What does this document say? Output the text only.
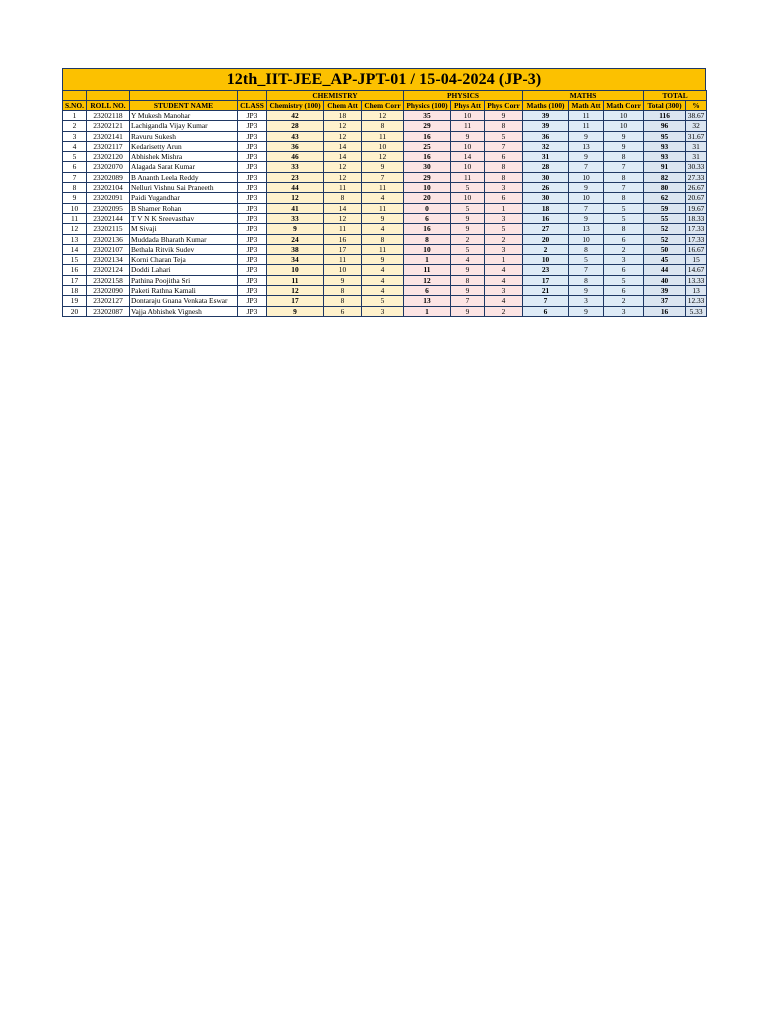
12th_IIT-JEE_AP-JPT-01 / 15-04-2024 (JP-3)
				CHEMISTRY			PHYSICS			MATHS			TOTAL	
S.NO.	ROLL NO.	STUDENT NAME	CLASS	Chemistry (100)	Chem Att	Chem Corr	Physics (100)	Phys Att	Phys Corr	Maths (100)	Math Att	Math Corr	Total (300)	%
1	23202118	Y Mukesh Manohar	JP3	42	18	12	35	10	9	39	11	10	116	38.67
2	23202121	Lachigandla Vijay Kumar	JP3	28	12	8	29	11	8	39	11	10	96	32
3	23202141	Ravuru Sukesh	JP3	43	12	11	16	9	5	36	9	9	95	31.67
4	23202117	Kedarisetty Arun	JP3	36	14	10	25	10	7	32	13	9	93	31
5	23202120	Abhishek Mishra	JP3	46	14	12	16	14	6	31	9	8	93	31
6	23202070	Alagada Sarat Kumar	JP3	33	12	9	30	10	8	28	7	7	91	30.33
7	23202089	B Ananth Leela Reddy	JP3	23	12	7	29	11	8	30	10	8	82	27.33
8	23202104	Nelluri Vishnu Sai Praneeth	JP3	44	11	11	10	5	3	26	9	7	80	26.67
9	23202091	Paidi Yugandhar	JP3	12	8	4	20	10	6	30	10	8	62	20.67
10	23202095	B Shamer Rohan	JP3	41	14	11	0	5	1	18	7	5	59	19.67
11	23202144	T V N K Sreevasthav	JP3	33	12	9	6	9	3	16	9	5	55	18.33
12	23202115	M Sivaji	JP3	9	11	4	16	9	5	27	13	8	52	17.33
13	23202136	Muddada Bharath Kumar	JP3	24	16	8	8	2	2	20	10	6	52	17.33
14	23202107	Bethala Ritvik Sudev	JP3	38	17	11	10	5	3	2	8	2	50	16.67
15	23202134	Korni Charan Teja	JP3	34	11	9	1	4	1	10	5	3	45	15
16	23202124	Doddi Lahari	JP3	10	10	4	11	9	4	23	7	6	44	14.67
17	23202158	Pathina Poojitha Sri	JP3	11	9	4	12	8	4	17	8	5	40	13.33
18	23202090	Paketi Rathna Kamali	JP3	12	8	4	6	9	3	21	9	6	39	13
19	23202127	Dontaraju Gnana Venkata Eswar	JP3	17	8	5	13	7	4	7	3	2	37	12.33
20	23202087	Vajja Abhishek Vignesh	JP3	9	6	3	1	9	2	6	9	3	16	5.33
